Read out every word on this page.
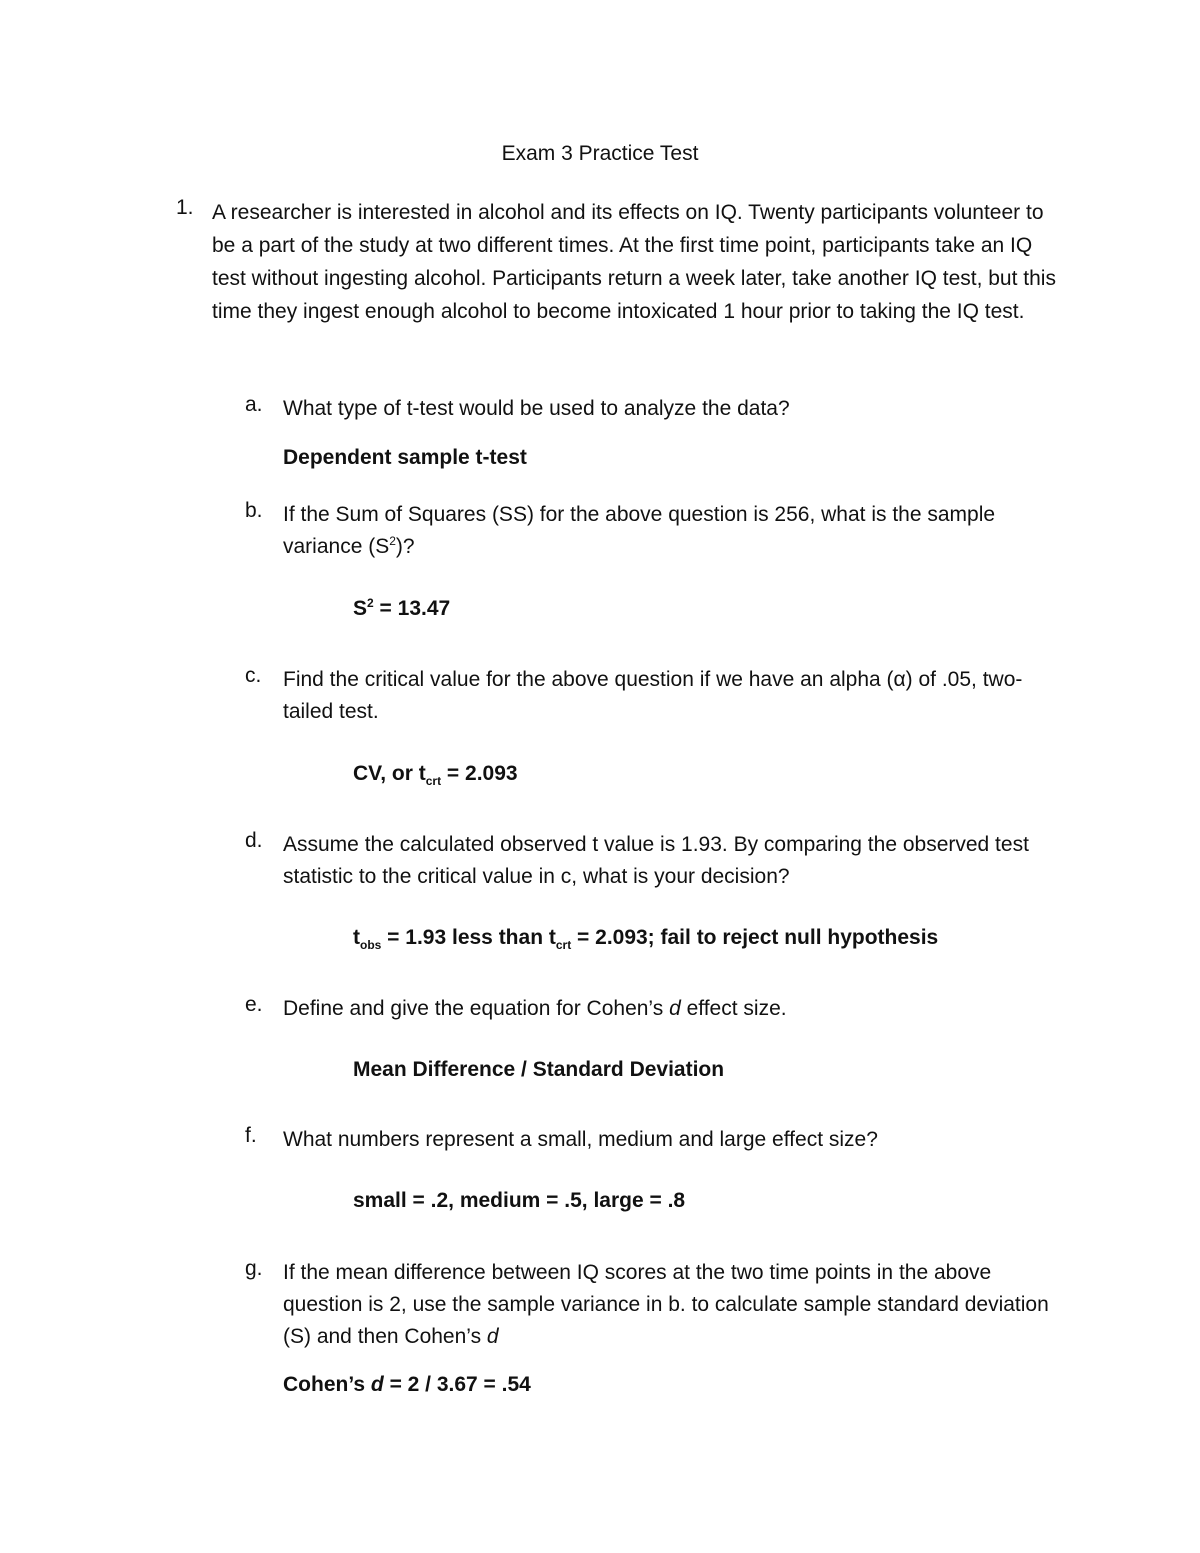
Exam 3 Practice Test
1. A researcher is interested in alcohol and its effects on IQ. Twenty participants volunteer to be a part of the study at two different times. At the first time point, participants take an IQ test without ingesting alcohol. Participants return a week later, take another IQ test, but this time they ingest enough alcohol to become intoxicated 1 hour prior to taking the IQ test.
a. What type of t-test would be used to analyze the data?
Dependent sample t-test
b. If the Sum of Squares (SS) for the above question is 256, what is the sample variance $(S^2)$?
$S^2 = 13.47$
c. Find the critical value for the above question if we have an alpha (α) of .05, two-tailed test.
CV, or $t_{crt} = 2.093$
d. Assume the calculated observed t value is 1.93. By comparing the observed test statistic to the critical value in c, what is your decision?
$t_{obs} = 1.93$ less than $t_{crt} = 2.093$; fail to reject null hypothesis
e. Define and give the equation for Cohen’s d effect size.
Mean Difference / Standard Deviation
f. What numbers represent a small, medium and large effect size?
small = .2, medium = .5, large = .8
g. If the mean difference between IQ scores at the two time points in the above question is 2, use the sample variance in b. to calculate sample standard deviation (S) and then Cohen’s d
Cohen’s d = 2 / 3.67 = .54
